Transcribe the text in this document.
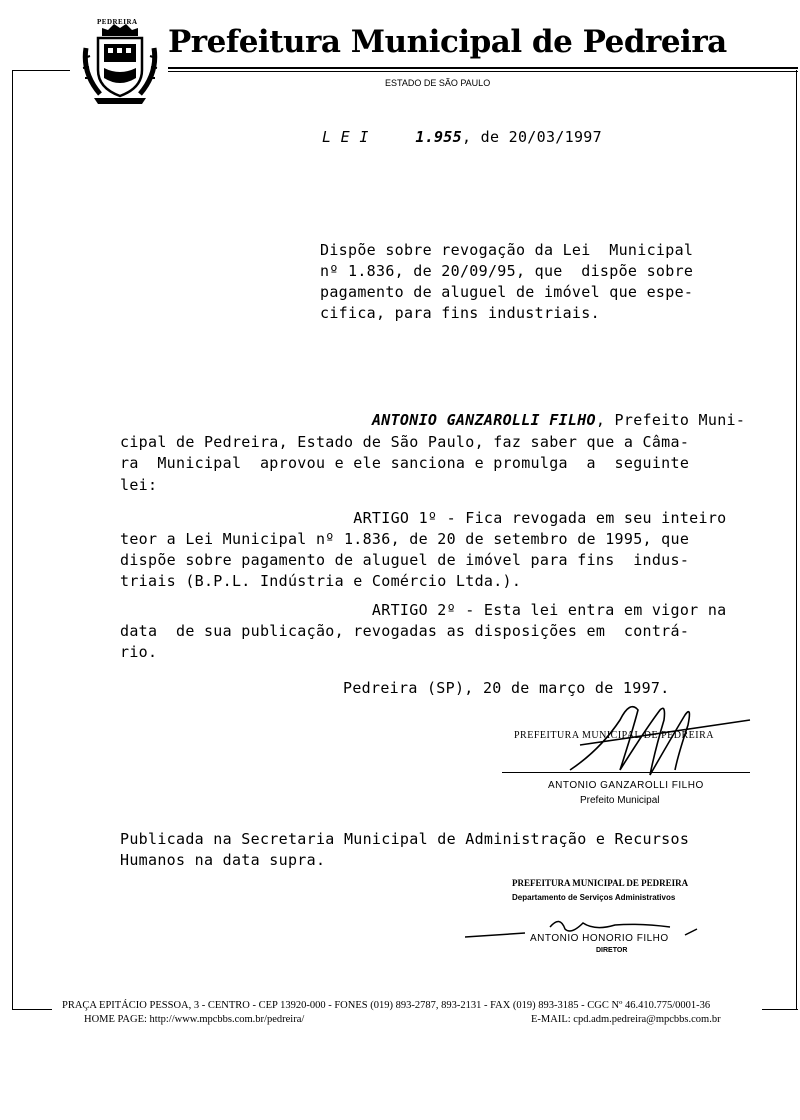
PEDREIRA
PEDRA SUO
Prefeitura Municipal de Pedreira
ESTADO DE SÃO PAULO
L E I	1.955, de 20/03/1997
Dispõe sobre revogação da Lei  Municipal
nº 1.836, de 20/09/95, que  dispõe sobre
pagamento de aluguel de imóvel que espe-
cifica, para fins industriais.
ANTONIO GANZAROLLI FILHO, Prefeito Muni-
cipal de Pedreira, Estado de São Paulo, faz saber que a Câma-
ra  Municipal  aprovou e ele sanciona e promulga  a  seguinte
lei:
ARTIGO 1º - Fica revogada em seu inteiro
teor a Lei Municipal nº 1.836, de 20 de setembro de 1995, que
dispõe sobre pagamento de aluguel de imóvel para fins  indus-
triais (B.P.L. Indústria e Comércio Ltda.).
ARTIGO 2º - Esta lei entra em vigor na
data  de sua publicação, revogadas as disposições em  contrá-
rio.
Pedreira (SP), 20 de março de 1997.
PREFEITURA MUNICIPAL DE PEDREIRA
ANTONIO GANZAROLLI FILHO
Prefeito Municipal
Publicada na Secretaria Municipal de Administração e Recursos
Humanos na data supra.
PREFEITURA MUNICIPAL DE PEDREIRA
Departamento de Serviços Administrativos
ANTONIO HONORIO FILHO
DIRETOR
PRAÇA EPITÁCIO PESSOA, 3 - CENTRO - CEP 13920-000 - FONES (019) 893-2787, 893-2131 - FAX (019) 893-3185 - CGC Nº 46.410.775/0001-36
HOME PAGE: http://www.mpcbbs.com.br/pedreira/	E-MAIL: cpd.adm.pedreira@mpcbbs.com.br
